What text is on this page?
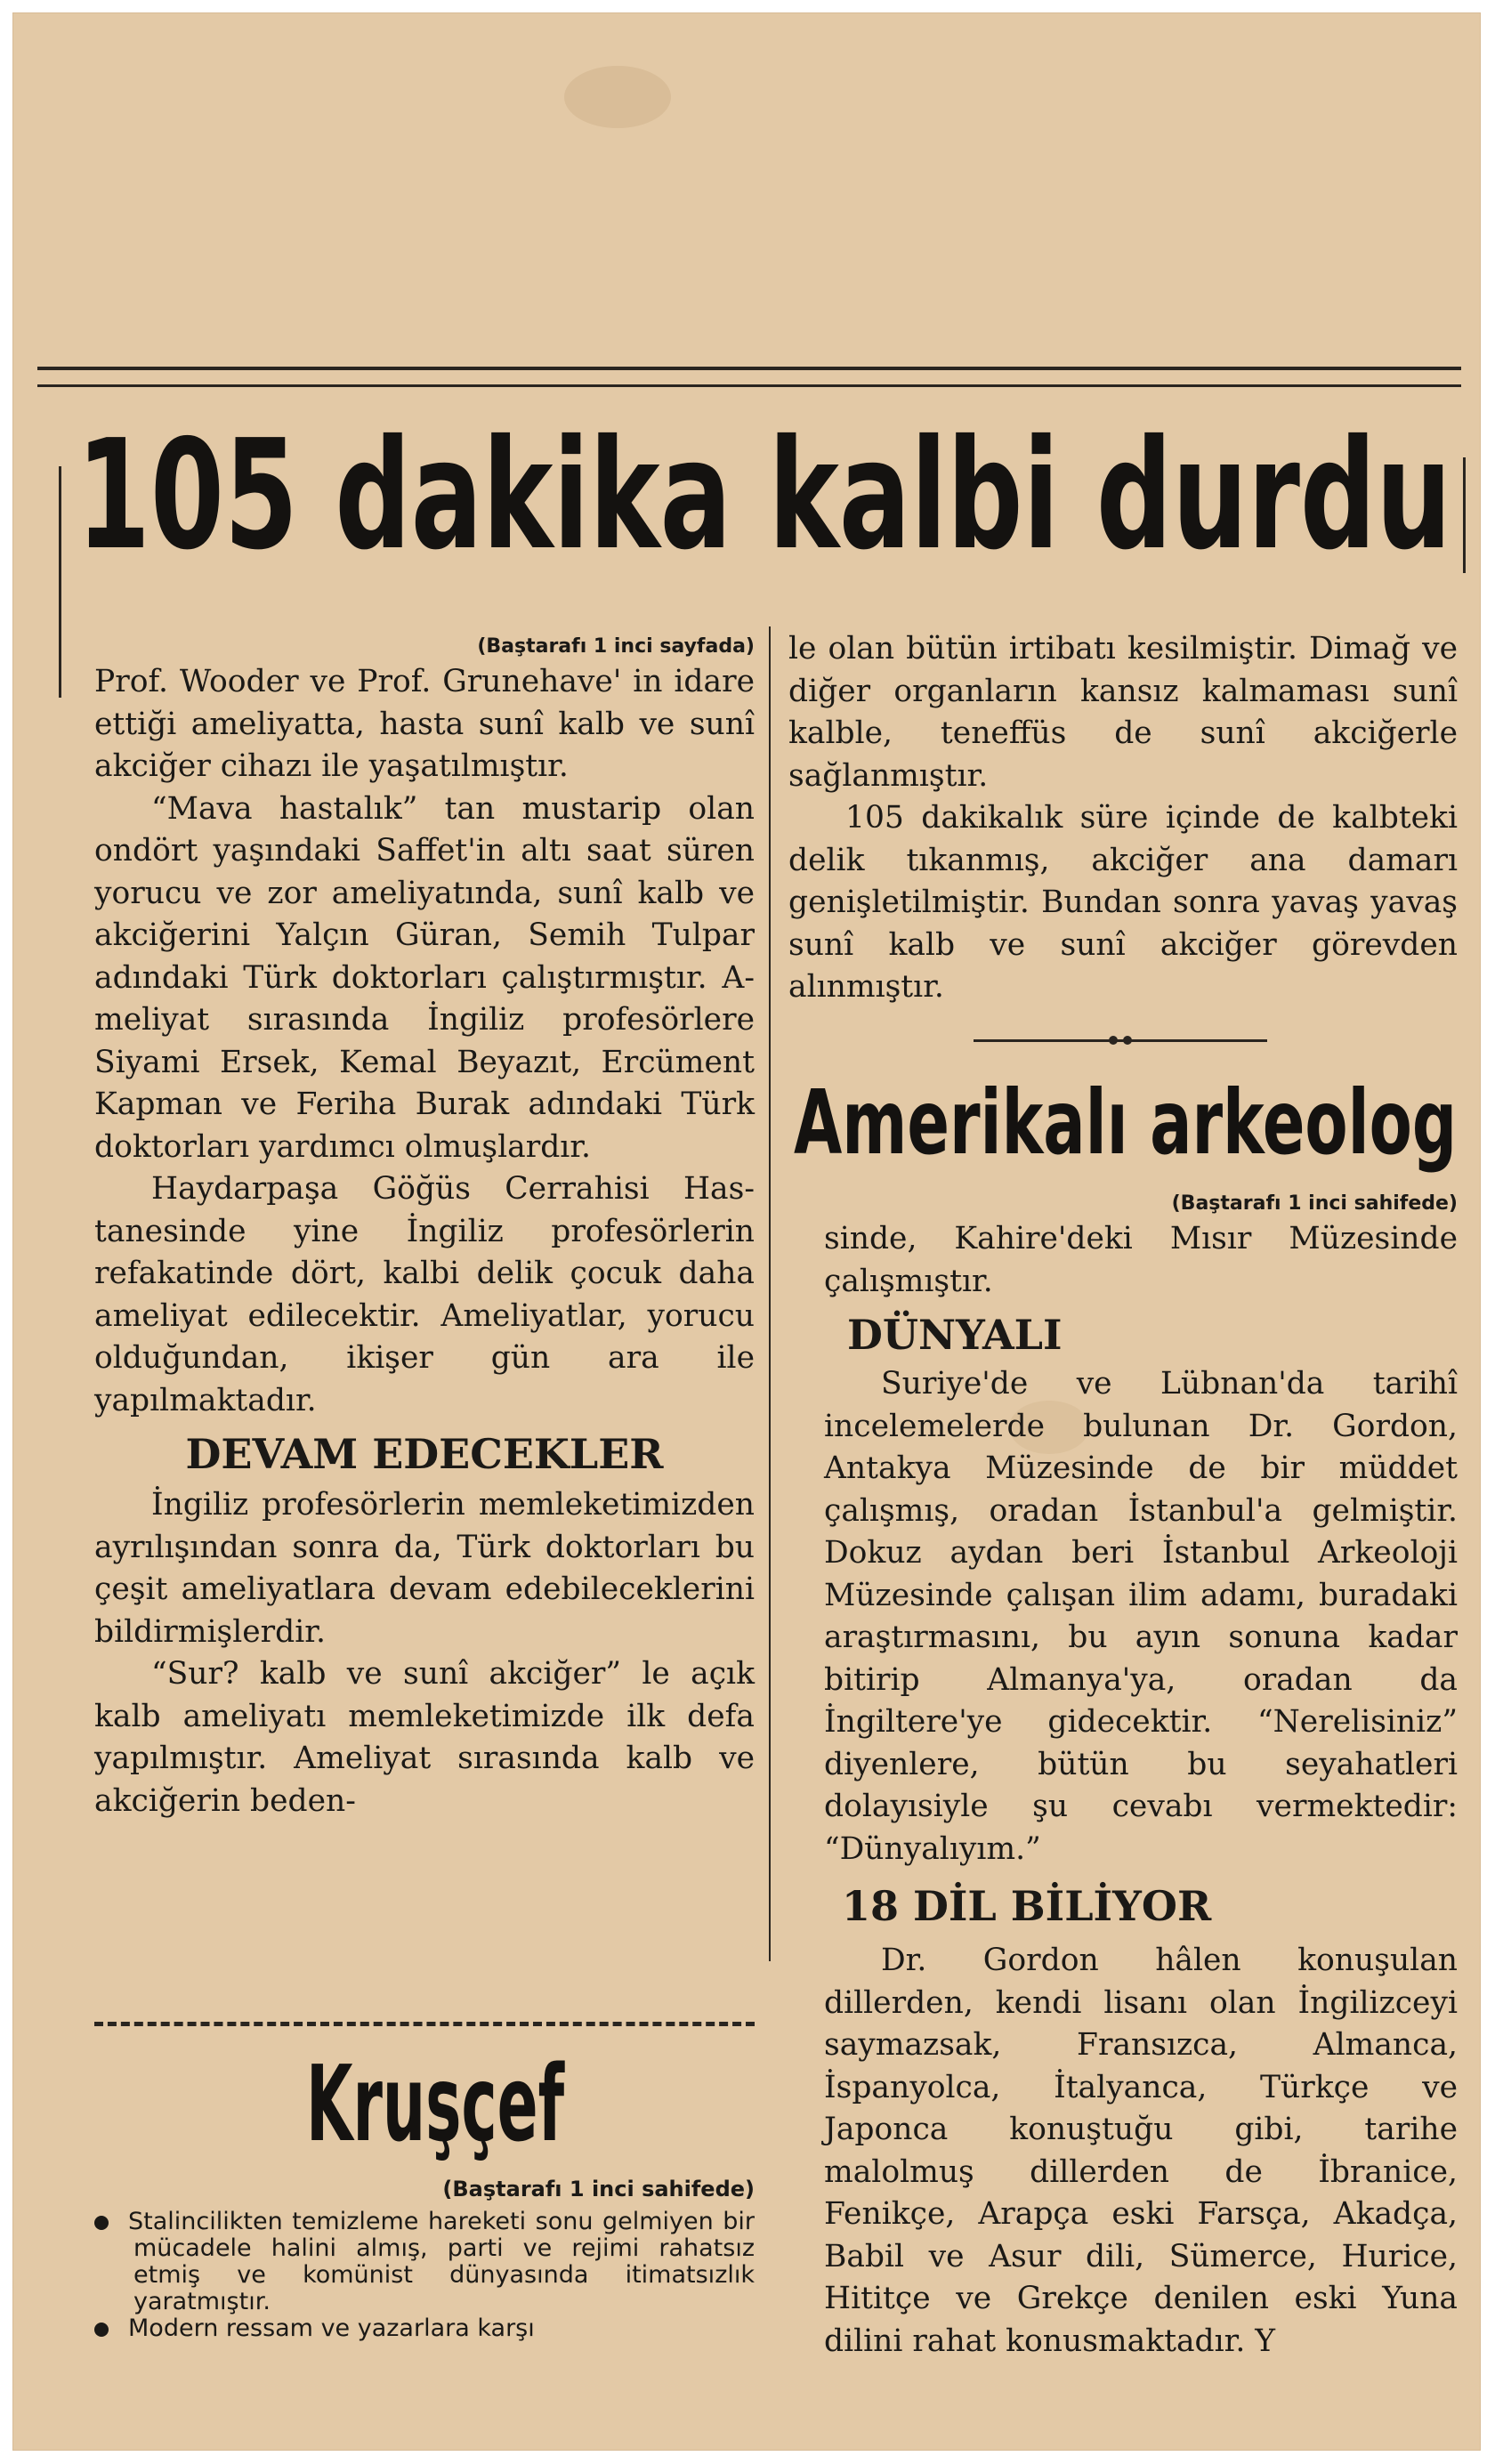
105 dakika kalbi durdu

(Baştarafı 1 inci sayfada)

Prof. Wooder ve Prof. Grunehave' in idare ettiği ameliyatta, hasta sunî kalb ve sunî akciğer cihazı ile yaşatılmıştır.

“Mava hastalık” tan mustarip olan ondört yaşındaki Saffet'in altı saat süren yorucu ve zor ameliyatında, sunî kalb ve akciğerini Yalçın Güran, Semih Tulpar adındaki Türk doktorları çalıştırmıştır. Ameliyat sırasında İngiliz profesörlere Siyami Ersek, Kemal Beyazıt, Ercüment Kapman ve Feriha Burak adındaki Türk doktorları yardımcı olmuşlardır.

Haydarpaşa Göğüs Cerrahisi Hastanesinde yine İngiliz profesörlerin refakatinde dört, kalbi delik çocuk daha ameliyat edilecektir. Ameliyatlar, yorucu olduğundan, ikişer gün ara ile yapılmaktadır.

DEVAM EDECEKLER

İngiliz profesörlerin memleketimizden ayrılışından sonra da, Türk doktorları bu çeşit ameliyatlara devam edebileceklerini bildirmişlerdir.

“Sur? kalb ve sunî akciğer” le açık kalb ameliyatı memleketimizde ilk defa yapılmıştır. Ameliyat sırasında kalb ve akciğerin beden-

Kruşçef

(Baştarafı 1 inci sahifede)

Stalincilikten temizleme hareketi sonu gelmiyen bir mücadele halini almış, parti ve rejimi rahatsız etmiş ve komünist dünyasında itimatsızlık yaratmıştır.

Modern ressam ve yazarlara karşı

le olan bütün irtibatı kesilmiştir. Dimağ ve diğer organların kansız kalmaması sunî kalble, teneffüs de sunî akciğerle sağlanmıştır.

105 dakikalık süre içinde de kalbteki delik tıkanmış, akciğer ana damarı genişletilmiştir. Bundan sonra yavaş yavaş sunî kalb ve sunî akciğer görevden alınmıştır.

Amerikalı arkeolog

(Baştarafı 1 inci sahifede)

sinde, Kahire'deki Mısır Müzesinde çalışmıştır.

DÜNYALI

Suriye'de ve Lübnan'da tarihî incelemelerde bulunan Dr. Gordon, Antakya Müzesinde de bir müddet çalışmış, oradan İstanbul'a gelmiştir. Dokuz aydan beri İstanbul Arkeoloji Müzesinde çalışan ilim adamı, buradaki araştırmasını, bu ayın sonuna kadar bitirip Almanya'ya, oradan da İngiltere'ye gidecektir. “Nerelisiniz” diyenlere, bütün bu seyahatleri dolayısiyle şu cevabı vermektedir: “Dünyalıyım.”

18 DİL BİLİYOR

Dr. Gordon hâlen konuşulan dillerden, kendi lisanı olan İngilizceyi saymazsak, Fransızca, Almanca, İspanyolca, İtalyanca, Türkçe ve Japonca konuştuğu gibi, tarihe malolmuş dillerden de İbranice, Fenikçe, Arapça eski Farsça, Akadça, Babil ve Asur dili, Sümerce, Hurice, Hititçe ve Grekçe denilen eski Yuna dilini rahat konusmaktadır. Y
